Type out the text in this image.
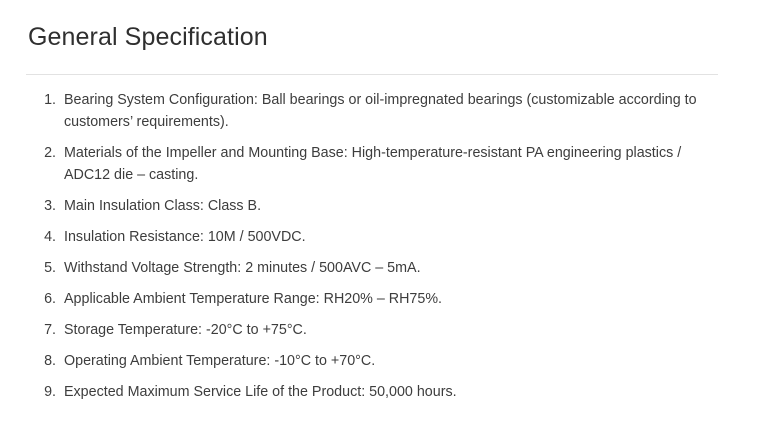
General Specification
1. Bearing System Configuration: Ball bearings or oil-impregnated bearings (customizable according to customers’ requirements).
2. Materials of the Impeller and Mounting Base: High-temperature-resistant PA engineering plastics / ADC12 die – casting.
3. Main Insulation Class: Class B.
4. Insulation Resistance: 10M / 500VDC.
5. Withstand Voltage Strength: 2 minutes / 500AVC – 5mA.
6. Applicable Ambient Temperature Range: RH20% – RH75%.
7. Storage Temperature: -20°C to +75°C.
8. Operating Ambient Temperature: -10°C to +70°C.
9. Expected Maximum Service Life of the Product: 50,000 hours.
